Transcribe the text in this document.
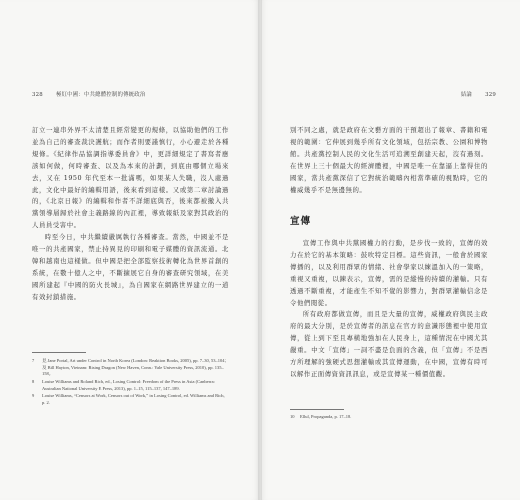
328　 　極紅中國：中共總體控制的傳統政治

訂立一連串外界不太清楚且經常變更的規條，以協助他們的工作並為自己的審查裁決護航；而作者則要謹慎行，小心避走於各種規條。《紀律作品協調指導委員會》中，更詳細規定了書寫者應該如何做，何時審查、以及為本來的計劃，到底由哪個立場來去，又在 1950 年代至本一批滿嗎，如果某人失職，沒人處過此，文化中最好的編輯用語，後來看到這樣。又或第二章討論過的，《北京日報》的編輯和作者不詳細底與否，後來都被撤入共黨領導層歸於社會主義路線的內訌裡，導致報紙及家對其政治的人員員受害中。

時至今日，中共繼續嚴厲執行各種審查。當然，中國並不是唯一的共產國家，禁止持異見的印刷和電子媒體的資訊流通。北韓和越南也這樣做。但中國是把全部監察技術轉化為世界首創的系統，在數十億人之中，不斷擴展它自身的審查研究領域，在美國所建起『中國的防火長城』，為自國家在網路世界建立的一道有效封鎖措施。

7	見 Jane Portal, Art under Control in North Korea (London: Reaktion Books, 2005), pp. 7–30, 53–104；及 Bill Hayton, Vietnam: Rising Dragon (New Haven, Conn.: Yale University Press, 2010), pp. 135–158。
8	Louise Williams and Roland Rich, ed., Losing Control: Freedom of the Press in Asia (Canberra: Australian National University E Press, 2013), pp. 1–15, 115–137, 147–189.
9	Louise Williams, “Censors at Work, Censors out of Work,” in Losing Control, ed. Williams and Rich, p. 2.
結論　 　329

別不同之處，就是政府在文藝方面的干預超出了報章、書籍和電視的範圍：它伸展到幾乎所有文化領域，包括宗教、公園和博物館。共產黨控制人民的文化生活可追溯至創建天起，沒有過刻。在世界上三十個最大的經濟體裡，中國是唯一在靠逼上靠得住的國家，當共產黨深信了它對統治範疇內相當準確的視點時，它的權威幾乎不是無邊無的。

宣傳

宣傳工作與中共黨國權力的行動，是步伐一致的，宣傳的效力在於它的基本策略：鼓吹特定目標。這些資訊，一般會於國家傳播的，以及利用群眾的情緒、社會學家以練溫加入的一策略，重視又重複，以鍊表示，宣傳，需的是縱慢的持續的灌輸。只有透過不斷重複，才能產生不知不覺的影響力，對群眾灌輸信念是令他們閱從。

所有政府都做宣傳，而且是大量的宣傳，威權政府與民主政府的最大分別，是於宣傳者的訊息在官方的意識形態裡中使用宣傳，從上到下至且專橫地強加在人民身上，這種情況在中國尤其嚴重。中文「宣傳」一詞不盡是負面的含義，但「宣傳」不是西方所理解的強硬式思想灌輸或其宣傳運動，在中國，宣傳有時可以解作正面傳資資訊訊息，或是宣傳某一種價值觀。

10	Ellul, Propaganda, p. 17–18.
